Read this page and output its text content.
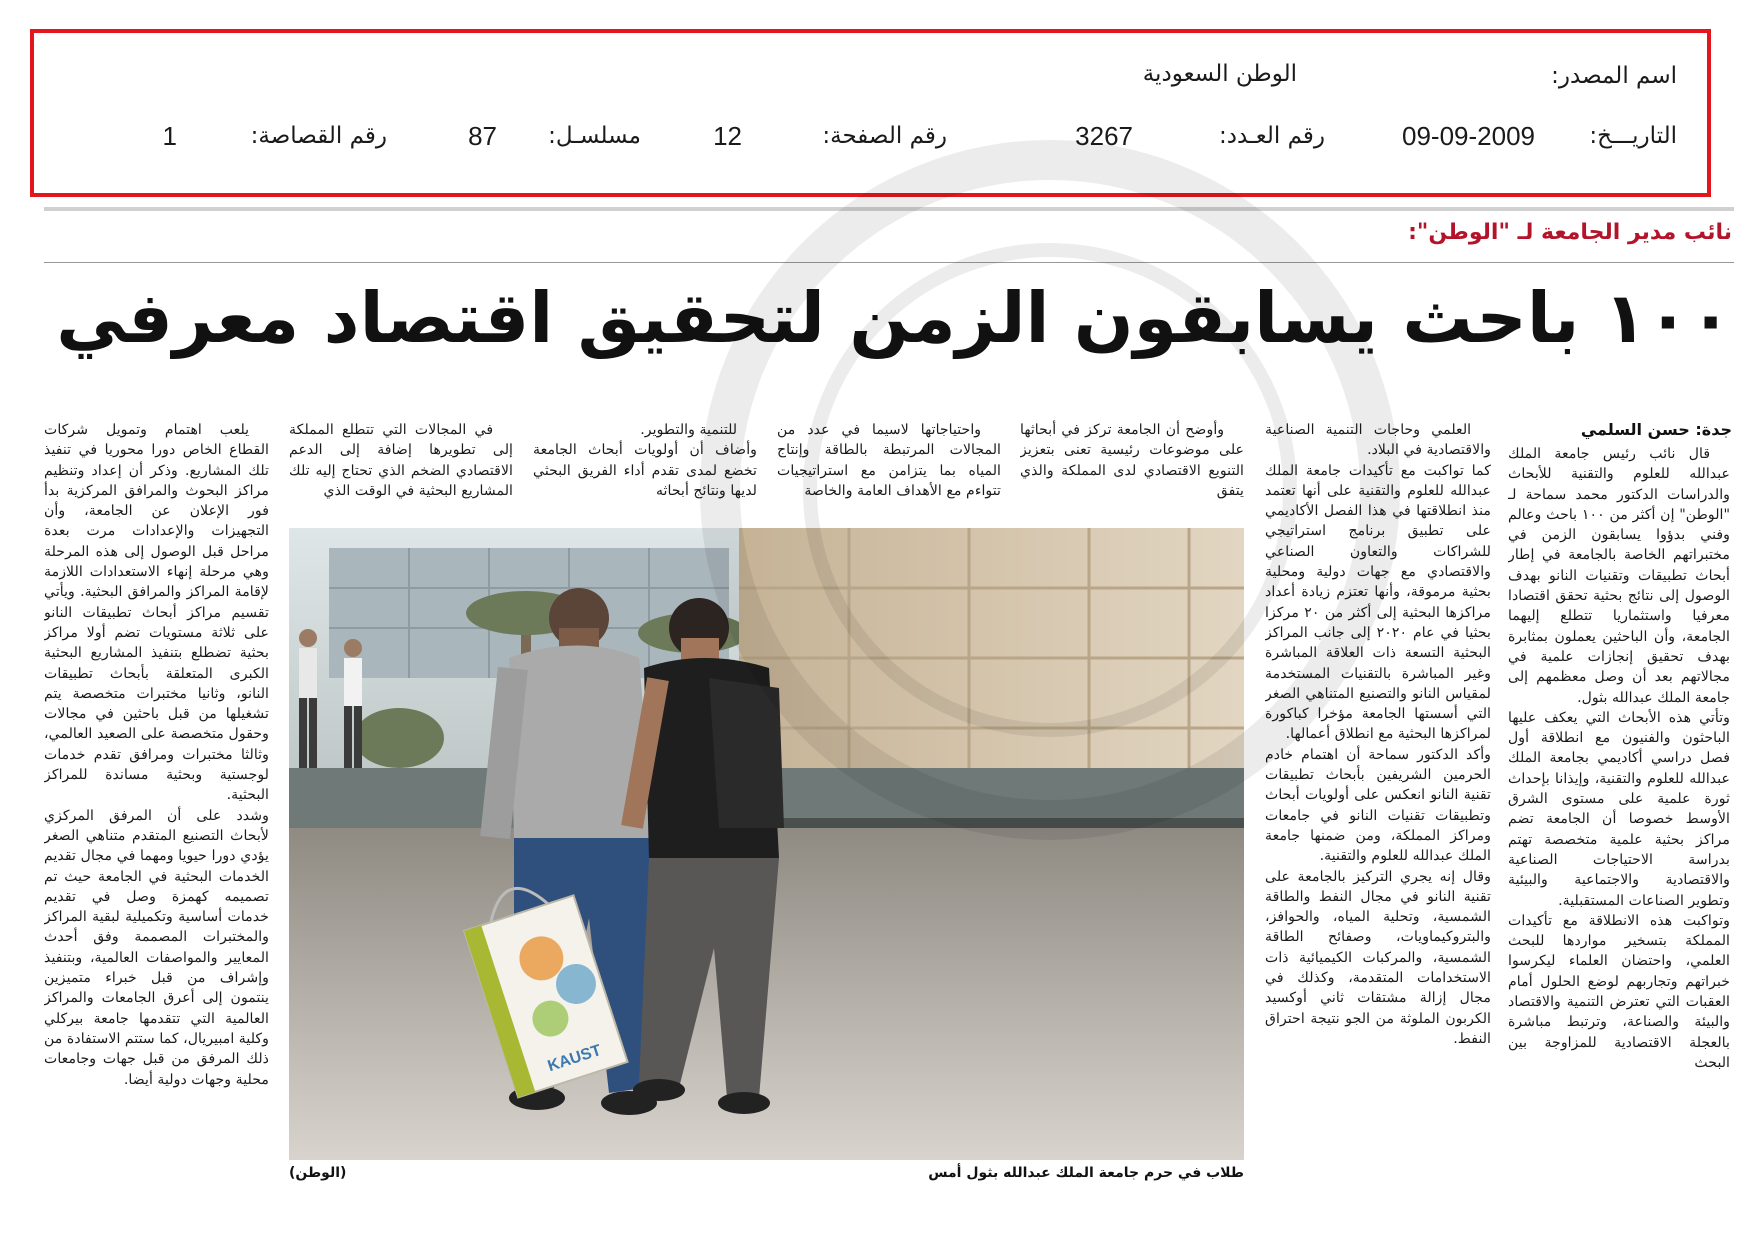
اسم المصدر:
الوطن السعودية
التاريـــخ:
09-09-2009
رقم العـدد:
3267
رقم الصفحة:
12
مسلسـل:
87
رقم القصاصة:
1
نائب مدير الجامعة لـ "الوطن":
١٠٠ باحث يسابقون الزمن لتحقيق اقتصاد معرفي
جدة: حسن السلمي

قال نائب رئيس جامعة الملك عبدالله للعلوم والتقنية للأبحاث والدراسات الدكتور محمد سماحة لـ "الوطن" إن أكثر من ١٠٠ باحث وعالم وفني بدؤوا يسابقون الزمن في مختبراتهم الخاصة بالجامعة في إطار أبحاث تطبيقات وتقنيات النانو بهدف الوصول إلى نتائج بحثية تحقق اقتصادا معرفيا واستثماريا تتطلع إليهما الجامعة، وأن الباحثين يعملون بمثابرة بهدف تحقيق إنجازات علمية في مجالاتهم بعد أن وصل معظمهم إلى جامعة الملك عبدالله بثول.
وتأتي هذه الأبحاث التي يعكف عليها الباحثون والفنيون مع انطلاقة أول فصل دراسي أكاديمي بجامعة الملك عبدالله للعلوم والتقنية، وإيذانا بإحداث ثورة علمية على مستوى الشرق الأوسط خصوصا أن الجامعة تضم مراكز بحثية علمية متخصصة تهتم بدراسة الاحتياجات الصناعية والاقتصادية والاجتماعية والبيئية وتطوير الصناعات المستقبلية.
وتواكبت هذه الانطلاقة مع تأكيدات المملكة بتسخير مواردها للبحث العلمي، واحتضان العلماء ليكرسوا خبراتهم وتجاربهم لوضع الحلول أمام العقبات التي تعترض التنمية والاقتصاد والبيئة والصناعة، وترتبط مباشرة بالعجلة الاقتصادية للمزاوجة بين البحث

العلمي وحاجات التنمية الصناعية والاقتصادية في البلاد.
كما تواكبت مع تأكيدات جامعة الملك عبدالله للعلوم والتقنية على أنها تعتمد منذ انطلاقتها في هذا الفصل الأكاديمي على تطبيق برنامج استراتيجي للشراكات والتعاون الصناعي والاقتصادي مع جهات دولية ومحلية بحثية مرموقة، وأنها تعتزم زيادة أعداد مراكزها البحثية إلى أكثر من ٢٠ مركزا بحثيا في عام ٢٠٢٠ إلى جانب المراكز البحثية التسعة ذات العلاقة المباشرة وغير المباشرة بالتقنيات المستخدمة لمقياس النانو والتصنيع المتناهي الصغر التي أسستها الجامعة مؤخرا كباكورة لمراكزها البحثية مع انطلاق أعمالها.
وأكد الدكتور سماحة أن اهتمام خادم الحرمين الشريفين بأبحاث تطبيقات تقنية النانو انعكس على أولويات أبحاث وتطبيقات تقنيات النانو في جامعات ومراكز المملكة، ومن ضمنها جامعة الملك عبدالله للعلوم والتقنية.
وقال إنه يجري التركيز بالجامعة على تقنية النانو في مجال النفط والطاقة الشمسية، وتحلية المياه، والحوافز، والبتروكيماويات، وصفائح الطاقة الشمسية، والمركبات الكيميائية ذات الاستخدامات المتقدمة، وكذلك في مجال إزالة مشتقات ثاني أوكسيد الكربون الملوثة من الجو نتيجة احتراق النفط.

وأوضح أن الجامعة تركز في أبحاثها على موضوعات رئيسية تعنى بتعزيز التنويع الاقتصادي لدى المملكة والذي يتفق

واحتياجاتها لاسيما في عدد من المجالات المرتبطة بالطاقة وإنتاج المياه بما يتزامن مع استراتيجيات تتواءم مع الأهداف العامة والخاصة

للتنمية والتطوير.
وأضاف أن أولويات أبحاث الجامعة تخضع لمدى تقدم أداء الفريق البحثي لديها ونتائج أبحاثه

في المجالات التي تتطلع المملكة إلى تطويرها إضافة إلى الدعم الاقتصادي الضخم الذي تحتاج إليه تلك المشاريع البحثية في الوقت الذي

يلعب اهتمام وتمويل شركات القطاع الخاص دورا محوريا في تنفيذ تلك المشاريع. وذكر أن إعداد وتنظيم مراكز البحوث والمرافق المركزية بدأ فور الإعلان عن الجامعة، وأن التجهيزات والإعدادات مرت بعدة مراحل قبل الوصول إلى هذه المرحلة وهي مرحلة إنهاء الاستعدادات اللازمة لإقامة المراكز والمرافق البحثية. ويأتي تقسيم مراكز أبحاث تطبيقات النانو على ثلاثة مستويات تضم أولا مراكز بحثية تضطلع بتنفيذ المشاريع البحثية الكبرى المتعلقة بأبحاث تطبيقات النانو، وثانيا مختبرات متخصصة يتم تشغيلها من قبل باحثين في مجالات وحقول متخصصة على الصعيد العالمي، وثالثا مختبرات ومرافق تقدم خدمات لوجستية وبحثية مساندة للمراكز البحثية.
وشدد على أن المرفق المركزي لأبحاث التصنيع المتقدم متناهي الصغر يؤدي دورا حيويا ومهما في مجال تقديم الخدمات البحثية في الجامعة حيث تم تصميمه كهمزة وصل في تقديم خدمات أساسية وتكميلية لبقية المراكز والمختبرات المصممة وفق أحدث المعايير والمواصفات العالمية، وبتنفيذ وإشراف من قبل خبراء متميزين ينتمون إلى أعرق الجامعات والمراكز العالمية التي تتقدمها جامعة بيركلي وكلية امبيريال، كما ستتم الاستفادة من ذلك المرفق من قبل جهات وجامعات محلية وجهات دولية أيضا.

KAUST
طلاب في حرم جامعة الملك عبدالله بثول أمس
(الوطن)
